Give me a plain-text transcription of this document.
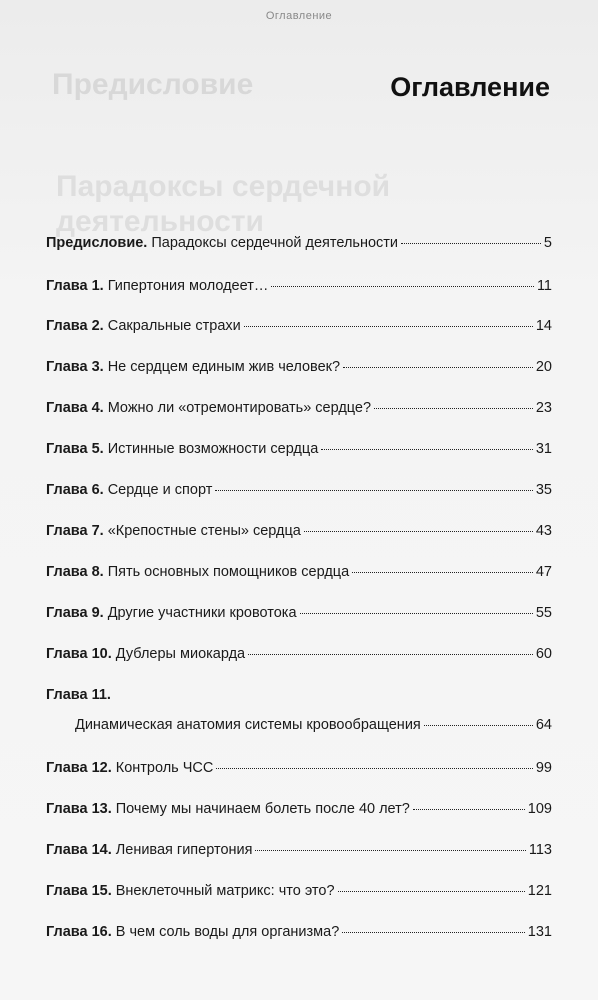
Оглавление
Предисловие
Парадоксы сердечной
деятельности
Оглавление
Предисловие. Парадоксы сердечной деятельности	5
Глава 1. Гипертония молодеет…	11
Глава 2. Сакральные страхи	14
Глава 3. Не сердцем единым жив человек?	20
Глава 4. Можно ли «отремонтировать» сердце?	23
Глава 5. Истинные возможности сердца	31
Глава 6. Сердце и спорт	35
Глава 7. «Крепостные стены» сердца	43
Глава 8. Пять основных помощников сердца	47
Глава 9. Другие участники кровотока	55
Глава 10. Дублеры миокарда	60
Глава 11.
Динамическая анатомия системы кровообращения	64
Глава 12. Контроль ЧСС	99
Глава 13. Почему мы начинаем болеть после 40 лет?	109
Глава 14. Ленивая гипертония	113
Глава 15. Внеклеточный матрикс: что это?	121
Глава 16. В чем соль воды для организма?	131
